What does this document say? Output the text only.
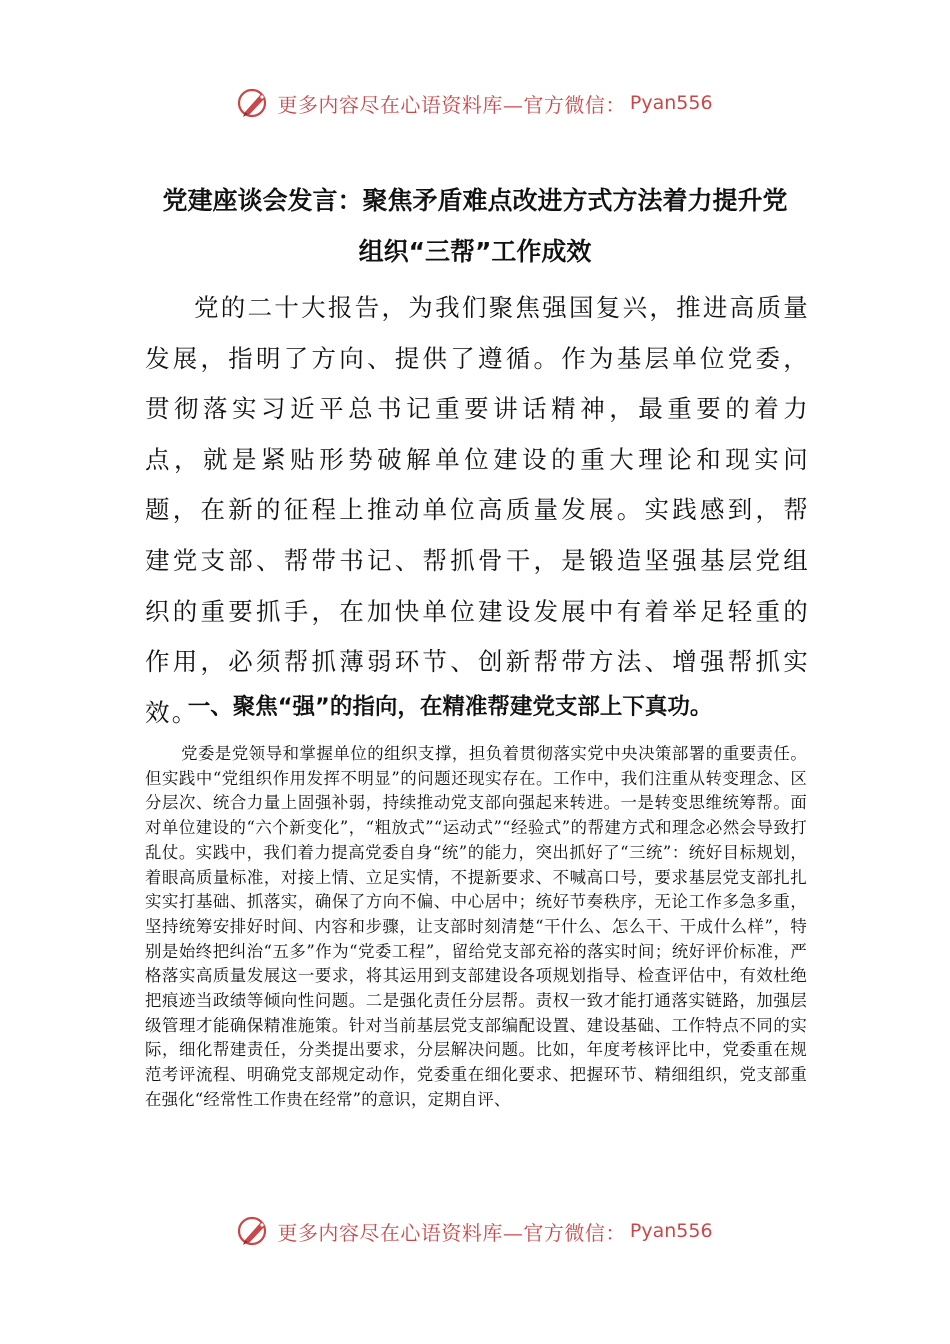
更多内容尽在心语资料库—官方微信： Pyan556
党建座谈会发言：聚焦矛盾难点改进方式方法着力提升党
组织“三帮”工作成效

党的二十大报告，为我们聚焦强国复兴，推进高质量发展，指明了方向、提供了遵循。作为基层单位党委，贯彻落实习近平总书记重要讲话精神，最重要的着力点，就是紧贴形势破解单位建设的重大理论和现实问题，在新的征程上推动单位高质量发展。实践感到，帮建党支部、帮带书记、帮抓骨干，是锻造坚强基层党组织的重要抓手，在加快单位建设发展中有着举足轻重的作用，必须帮抓薄弱环节、创新帮带方法、增强帮抓实效。

一、聚焦“强”的指向，在精准帮建党支部上下真功。

党委是党领导和掌握单位的组织支撑，担负着贯彻落实党中央决策部署的重要责任。但实践中“党组织作用发挥不明显”的问题还现实存在。工作中，我们注重从转变理念、区分层次、统合力量上固强补弱，持续推动党支部向强起来转进。一是转变思维统筹帮。面对单位建设的“六个新变化”，“粗放式”“运动式”“经验式”的帮建方式和理念必然会导致打乱仗。实践中，我们着力提高党委自身“统”的能力，突出抓好了“三统”：统好目标规划，着眼高质量标准，对接上情、立足实情，不提新要求、不喊高口号，要求基层党支部扎扎实实打基础、抓落实，确保了方向不偏、中心居中；统好节奏秩序，无论工作多急多重，坚持统筹安排好时间、内容和步骤，让支部时刻清楚“干什么、怎么干、干成什么样”，特别是始终把纠治“五多”作为“党委工程”，留给党支部充裕的落实时间；统好评价标准，严格落实高质量发展这一要求，将其运用到支部建设各项规划指导、检查评估中，有效杜绝把痕迹当政绩等倾向性问题。二是强化责任分层帮。责权一致才能打通落实链路，加强层级管理才能确保精准施策。针对当前基层党支部编配设置、建设基础、工作特点不同的实际，细化帮建责任，分类提出要求，分层解决问题。比如，年度考核评比中，党委重在规范考评流程、明确党支部规定动作，党委重在细化要求、把握环节、精细组织，党支部重在强化“经常性工作贵在经常”的意识，定期自评、

更多内容尽在心语资料库—官方微信： Pyan556
